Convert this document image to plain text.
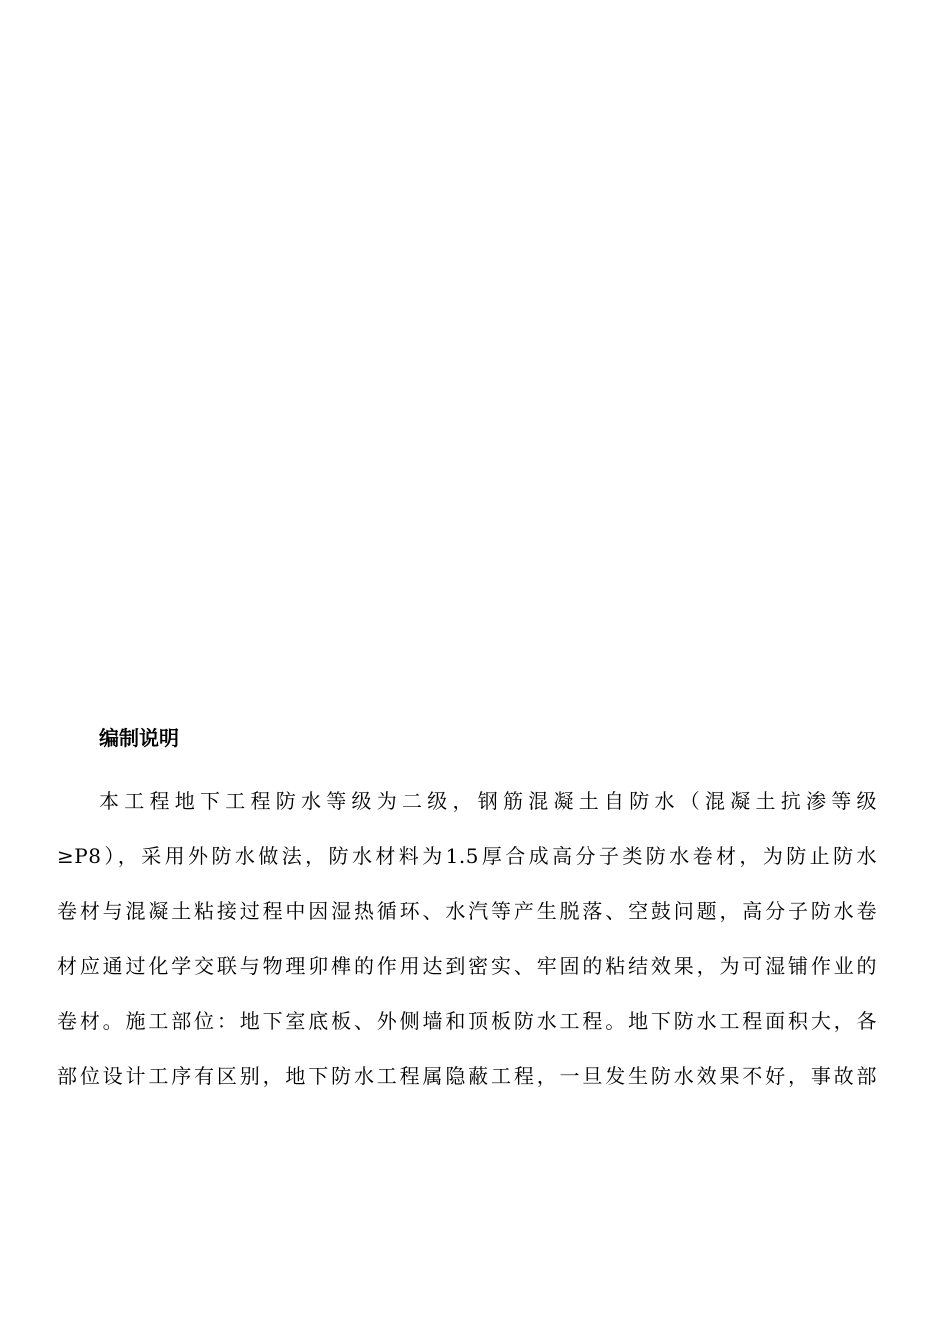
编制说明
本工程地下工程防水等级为二级，钢筋混凝土自防水（混凝土抗渗等级
≥P8），采用外防水做法，防水材料为1.5厚合成高分子类防水卷材，为防止防水
卷材与混凝土粘接过程中因湿热循环、水汽等产生脱落、空鼓问题，高分子防水卷
材应通过化学交联与物理卯榫的作用达到密实、牢固的粘结效果，为可湿铺作业的
卷材。施工部位：地下室底板、外侧墙和顶板防水工程。地下防水工程面积大，各
部位设计工序有区别，地下防水工程属隐蔽工程，一旦发生防水效果不好，事故部
